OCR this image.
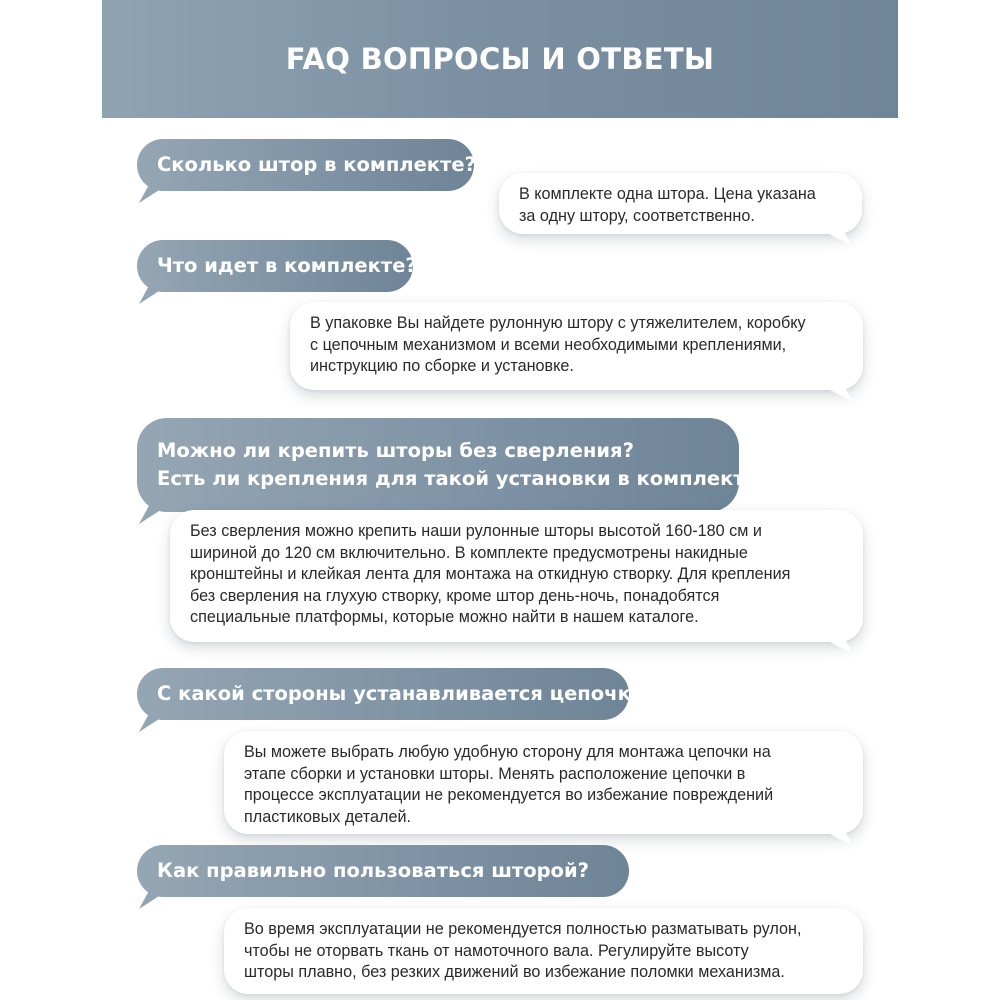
FAQ ВОПРОСЫ И ОТВЕТЫ
Сколько штор в комплекте?

В комплекте одна штора. Цена указана
за одну штору, соответственно.

Что идет в комплекте?

В упаковке Вы найдете рулонную штору с утяжелителем, коробку
с цепочным механизмом и всеми необходимыми креплениями,
инструкцию по сборке и установке.

Можно ли крепить шторы без сверления?
Есть ли крепления для такой установки в комплекте?

Без сверления можно крепить наши рулонные шторы высотой 160-180 см и
шириной до 120 см включительно. В комплекте предусмотрены накидные
кронштейны и клейкая лента для монтажа на откидную створку. Для крепления
без сверления на глухую створку, кроме штор день-ночь, понадобятся
специальные платформы, которые можно найти в нашем каталоге.

С какой стороны устанавливается цепочка?

Вы можете выбрать любую удобную сторону для монтажа цепочки на
этапе сборки и установки шторы. Менять расположение цепочки в
процессе эксплуатации не рекомендуется во избежание повреждений
пластиковых деталей.

Как правильно пользоваться шторой?

Во время эксплуатации не рекомендуется полностью разматывать рулон,
чтобы не оторвать ткань от намоточного вала. Регулируйте высоту
шторы плавно, без резких движений во избежание поломки механизма.
